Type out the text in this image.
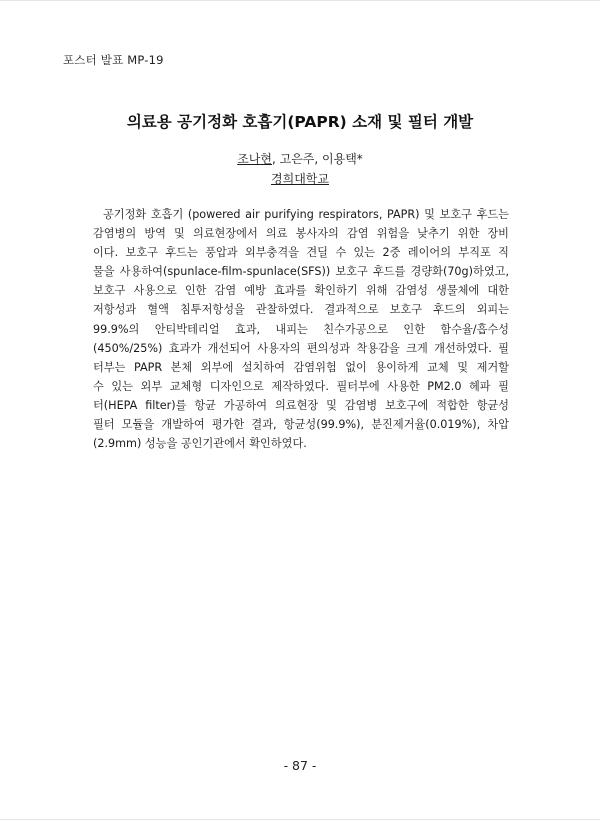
포스터 발표 MP-19
의료용 공기정화 호흡기(PAPR) 소재 및 필터 개발
조나현, 고은주, 이용택*
경희대학교
공기정화 호흡기 (powered air purifying respirators, PAPR) 및 보호구 후드는
감염병의 방역 및 의료현장에서 의료 봉사자의 감염 위험을 낮추기 위한 장비
이다. 보호구 후드는 풍압과 외부충격을 견딜 수 있는 2중 레이어의 부직포 직
물을 사용하여(spunlace-film-spunlace(SFS)) 보호구 후드를 경량화(70g)하였고,
보호구 사용으로 인한 감염 예방 효과를 확인하기 위해 감염성 생물체에 대한
저항성과 혈액 침투저항성을 관찰하였다. 결과적으로 보호구 후드의 외피는
99.9%의 안티박테리얼 효과, 내피는 친수가공으로 인한 함수율/흡수성
(450%/25%) 효과가 개선되어 사용자의 편의성과 착용감을 크게 개선하였다. 필
터부는 PAPR 본체 외부에 설치하여 감염위험 없이 용이하게 교체 및 제거할
수 있는 외부 교체형 디자인으로 제작하였다. 필터부에 사용한 PM2.0 헤파 필
터(HEPA filter)를 항균 가공하여 의료현장 및 감염병 보호구에 적합한 항균성
필터 모듈을 개발하여 평가한 결과, 항균성(99.9%), 분진제거율(0.019%), 차압
(2.9mm) 성능을 공인기관에서 확인하였다.
- 87 -
